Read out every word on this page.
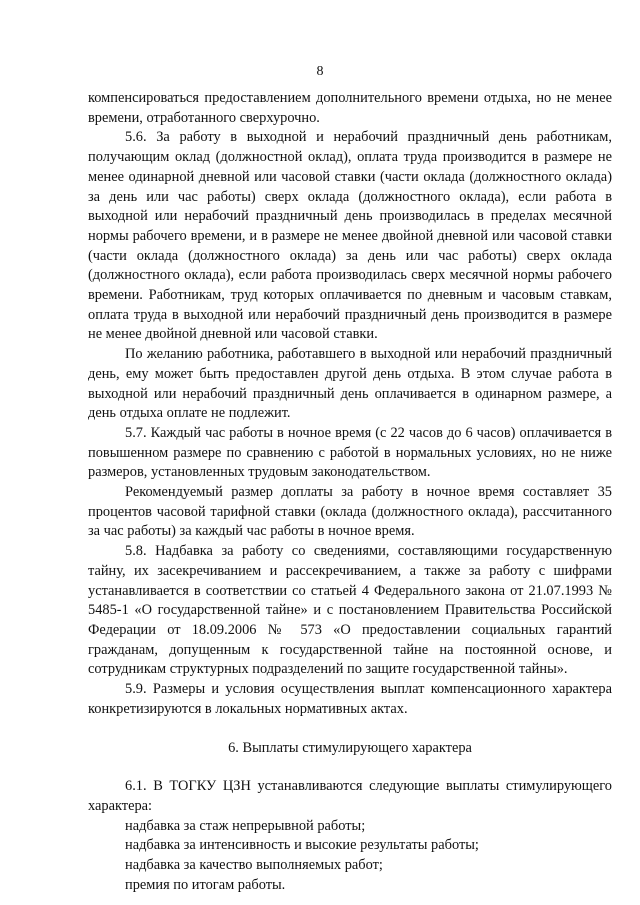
8

компенсироваться предоставлением дополнительного времени отдыха, но не менее времени, отработанного сверхурочно.

5.6. За работу в выходной и нерабочий праздничный день работникам, получающим оклад (должностной оклад), оплата труда производится в размере не менее одинарной дневной или часовой ставки (части оклада (должностного оклада) за день или час работы) сверх оклада (должностного оклада), если работа в выходной или нерабочий праздничный день производилась в пределах месячной нормы рабочего времени, и в размере не менее двойной дневной или часовой ставки (части оклада (должностного оклада) за день или час работы) сверх оклада (должностного оклада), если работа производилась сверх месячной нормы рабочего времени. Работникам, труд которых оплачивается по дневным и часовым ставкам, оплата труда в выходной или нерабочий праздничный день производится в размере не менее двойной дневной или часовой ставки.

По желанию работника, работавшего в выходной или нерабочий праздничный день, ему может быть предоставлен другой день отдыха. В этом случае работа в выходной или нерабочий праздничный день оплачивается в одинарном размере, а день отдыха оплате не подлежит.

5.7. Каждый час работы в ночное время (с 22 часов до 6 часов) оплачивается в повышенном размере по сравнению с работой в нормальных условиях, но не ниже размеров, установленных трудовым законодательством.

Рекомендуемый размер доплаты за работу в ночное время составляет 35 процентов часовой тарифной ставки (оклада (должностного оклада), рассчитанного за час работы) за каждый час работы в ночное время.

5.8. Надбавка за работу со сведениями, составляющими государственную тайну, их засекречиванием и рассекречиванием, а также за работу с шифрами устанавливается в соответствии со статьей 4 Федерального закона от 21.07.1993 № 5485-1 «О государственной тайне» и с постановлением Правительства Российской Федерации от 18.09.2006 № 573 «О предоставлении социальных гарантий гражданам, допущенным к государственной тайне на постоянной основе, и сотрудникам структурных подразделений по защите государственной тайны».

5.9. Размеры и условия осуществления выплат компенсационного характера конкретизируются в локальных нормативных актах.

6. Выплаты стимулирующего характера

6.1. В ТОГКУ ЦЗН устанавливаются следующие выплаты стимулирующего характера:

надбавка за стаж непрерывной работы;

надбавка за интенсивность и высокие результаты работы;

надбавка за качество выполняемых работ;

премия по итогам работы.
